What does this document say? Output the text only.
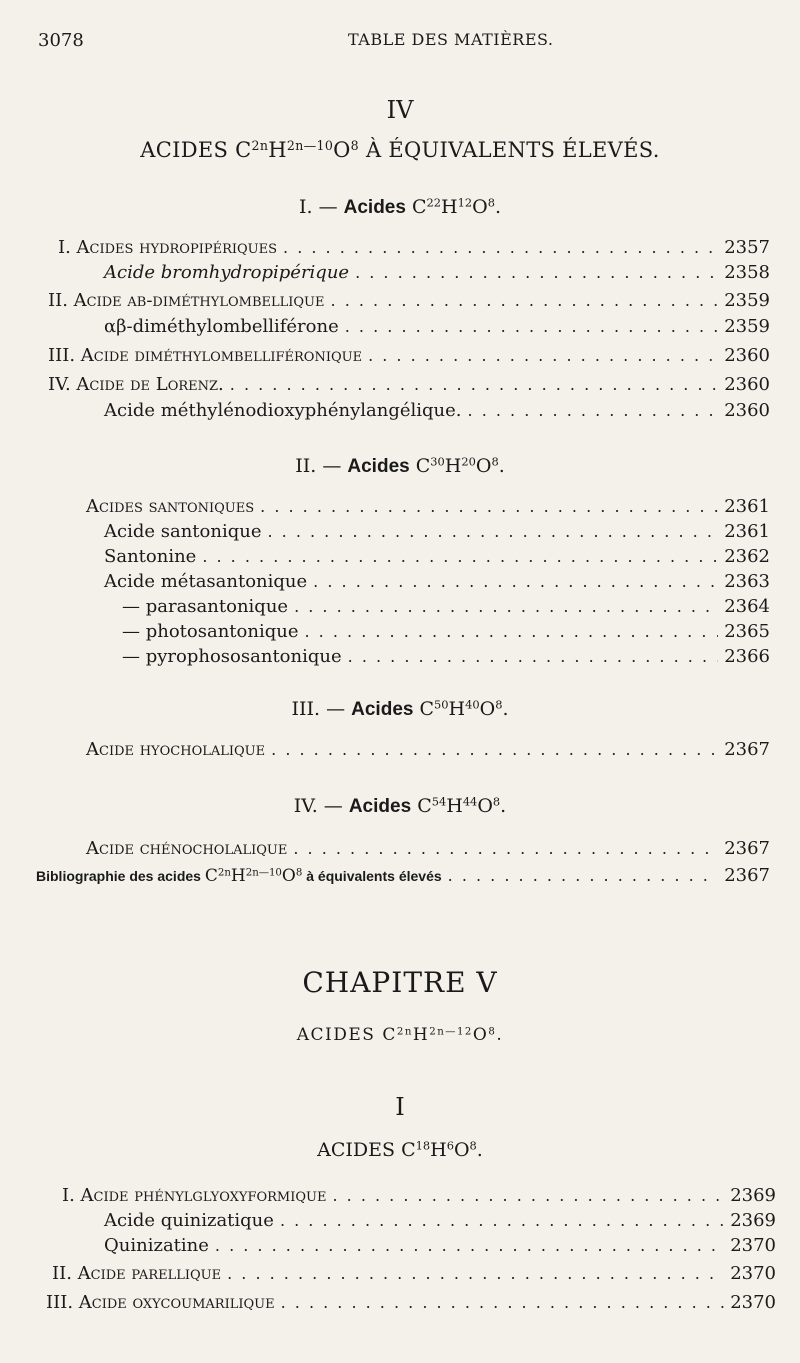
3078	TABLE DES MATIÈRES.
IV
ACIDES $C^{2n}H^{2n—10}O^8$ À ÉQUIVALENTS ÉLEVÉS.
I. — Acides $C^{22}H^{12}O^8$.
I. Acides hydropipériques . . .	2357
Acide bromhydropipérique . . .	2358
II. Acide αβ-diméthylombellique . . .	2359
αβ-diméthylombelliférone . . .	2359
III. Acide diméthylombelliféronique . . .	2360
IV. Acide de Lorenz. . . .	2360
Acide méthylénodioxyphénylangélique. . . .	2360
II. — Acides $C^{30}H^{20}O^8$.
Acides santoniques . . .	2361
Acide santonique . . .	2361
Santonine . . .	2362
Acide métasantonique . . .	2363
— parasantonique . . .	2364
— photosantonique . . .	2365
— pyrophososantonique . . .	2366
III. — Acides $C^{50}H^{40}O^8$.
Acide hyocholalique . . .	2367
IV. — Acides $C^{54}H^{44}O^8$.
Acide chénocholalique . . .	2367
Bibliographie des acides $C^{2n}H^{2n—10}O^8$ à équivalents élevés . . .	2367
CHAPITRE V
ACIDES $C^{2n}H^{2n—12}O^8$.
I
ACIDES $C^{18}H^6O^8$.
I. Acide phénylglyoxyformique . . .	2369
Acide quinizatique . . .	2369
Quinizatine . . .	2370
II. Acide parellique . . .	2370
III. Acide oxycoumarilique . . .	2370
